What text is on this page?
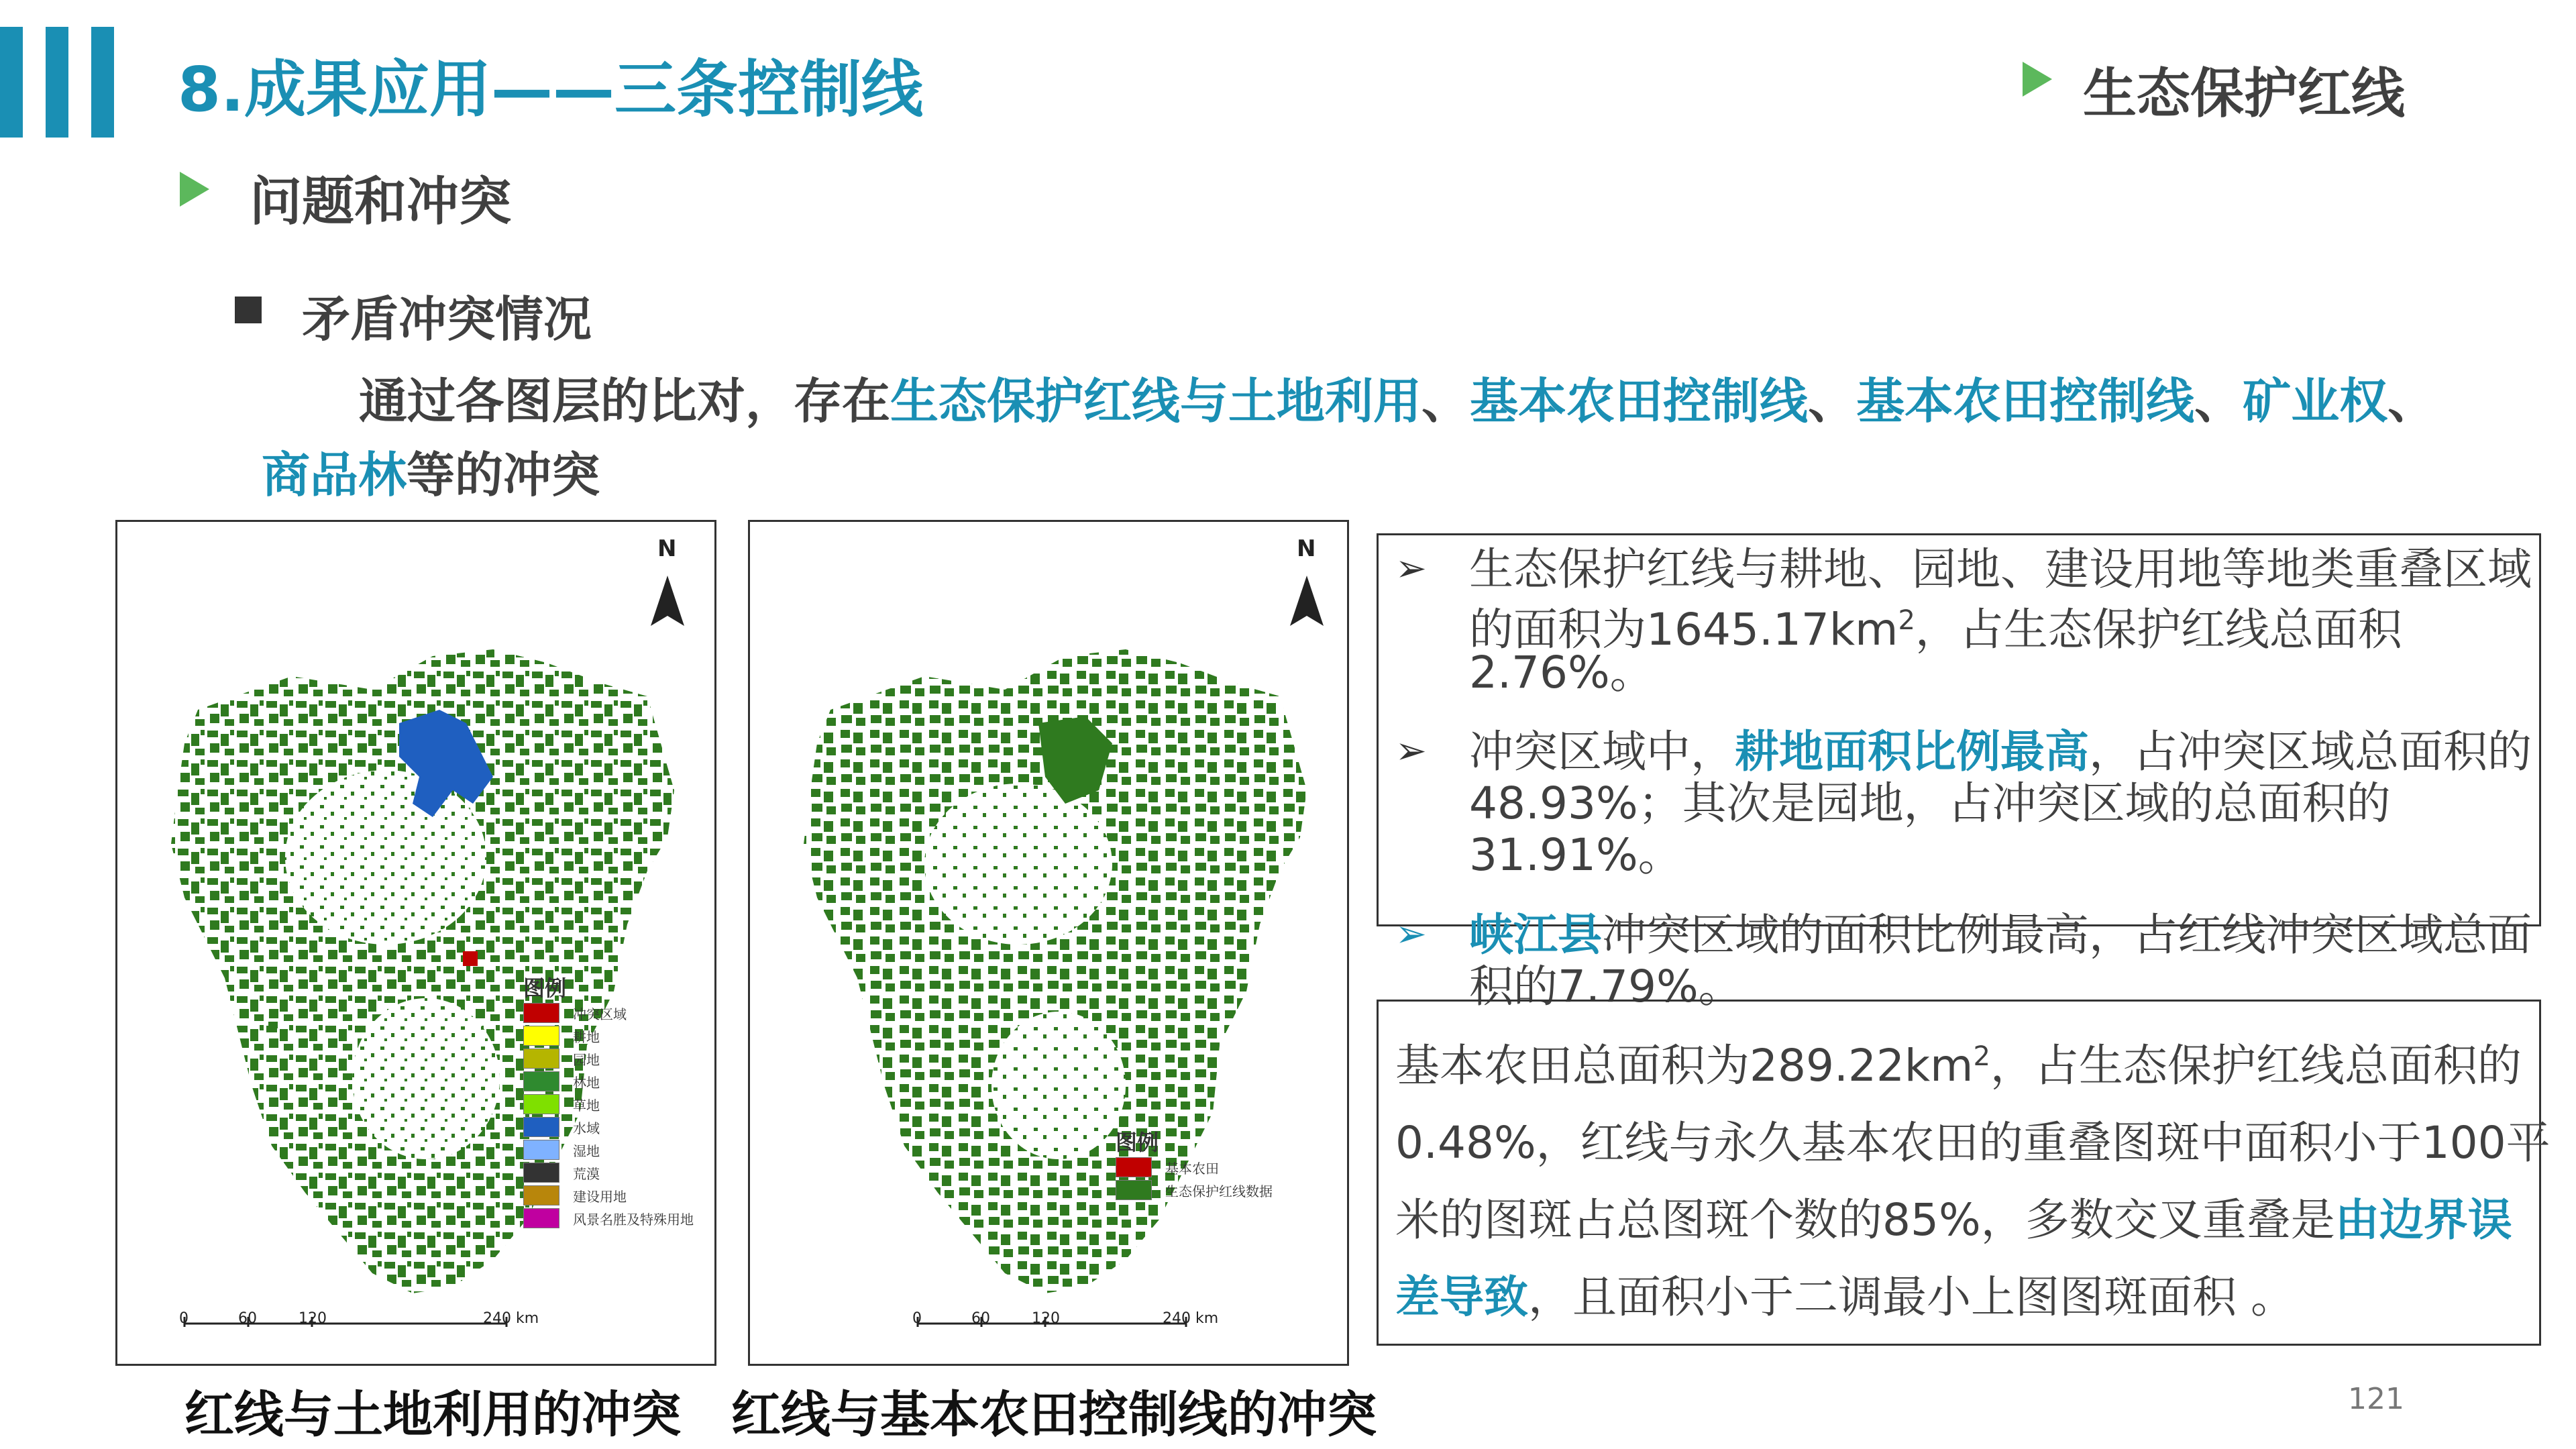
8.成果应用——三条控制线	生态保护红线
问题和冲突
矛盾冲突情况
通过各图层的比对，存在生态保护红线与土地利用、基本农田控制线、基本农田控制线、矿业权、
商品林等的冲突
N
图例
冲突区域
耕地
园地
林地
草地
水域
湿地
荒漠
建设用地
风景名胜及特殊用地
0	60	120	240 km
N
图例
基本农田
生态保护红线数据
0	60	120	240 km
红线与土地利用的冲突 红线与基本农田控制线的冲突
➢ 生态保护红线与耕地、园地、建设用地等地类重叠区域
的面积为$1645.17km^2$，占生态保护红线总面积
2.76%。
➢ 冲突区域中，耕地面积比例最高，占冲突区域总面积的
48.93%；其次是园地，占冲突区域的总面积的
31.91%。
➢ 峡江县冲突区域的面积比例最高，占红线冲突区域总面
积的7.79%。
基本农田总面积为$289.22km^2$，占生态保护红线总面积的
0.48%，红线与永久基本农田的重叠图斑中面积小于100平
米的图斑占总图斑个数的85%，多数交叉重叠是由边界误
差导致，且面积小于二调最小上图图斑面积 。
121
